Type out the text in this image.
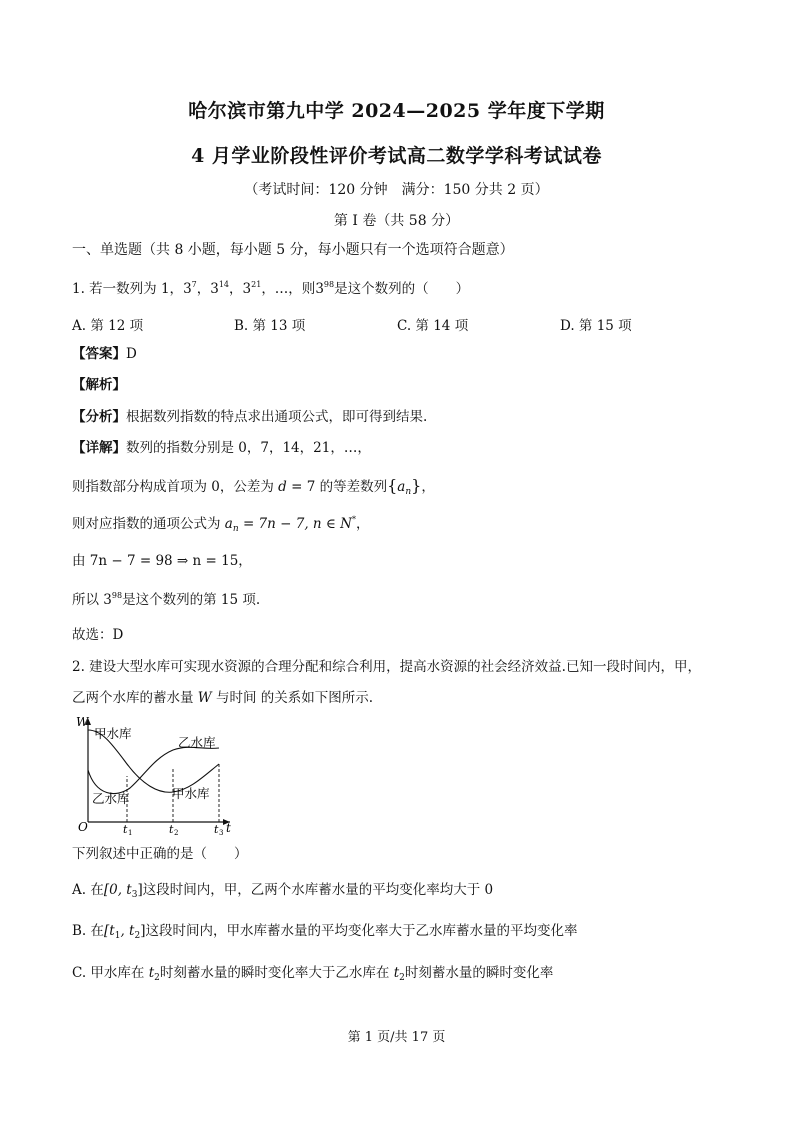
哈尔滨市第九中学 2024—2025 学年度下学期
4 月学业阶段性评价考试高二数学学科考试试卷
（考试时间：120 分钟　满分：150 分共 2 页）
第 I 卷（共 58 分）
一、单选题（共 8 小题，每小题 5 分，每小题只有一个选项符合题意）
1. 若一数列为 1，$3^7$，$3^{14}$，$3^{21}$，…，则$3^{98}$是这个数列的（　　）
A. 第 12 项	B. 第 13 项	C. 第 14 项	D. 第 15 项
【答案】D
【解析】
【分析】根据数列指数的特点求出通项公式，即可得到结果.
【详解】数列的指数分别是 0，7，14，21，…，
则指数部分构成首项为 0，公差为 d = 7 的等差数列$\{a_n\}$，
则对应指数的通项公式为 $a_n = 7n - 7$, n ∈ N*，
由 7n − 7 = 98 ⇒ n = 15，
所以 $3^{98}$是这个数列的第 15 项.
故选：D
2. 建设大型水库可实现水资源的合理分配和综合利用，提高水资源的社会经济效益.已知一段时间内，甲，
乙两个水库的蓄水量 W 与时间 的关系如下图所示.
W
O	t
甲水库
乙水库
乙水库	甲水库
t 1	t 2	t 3
下列叙述中正确的是（　　）
A. 在[0, $t_3$]这段时间内，甲，乙两个水库蓄水量的平均变化率均大于 0
B. 在[$t_1$, $t_2$]这段时间内，甲水库蓄水量的平均变化率大于乙水库蓄水量的平均变化率
C. 甲水库在 $t_2$时刻蓄水量的瞬时变化率大于乙水库在 $t_2$时刻蓄水量的瞬时变化率
第 1 页/共 17 页
